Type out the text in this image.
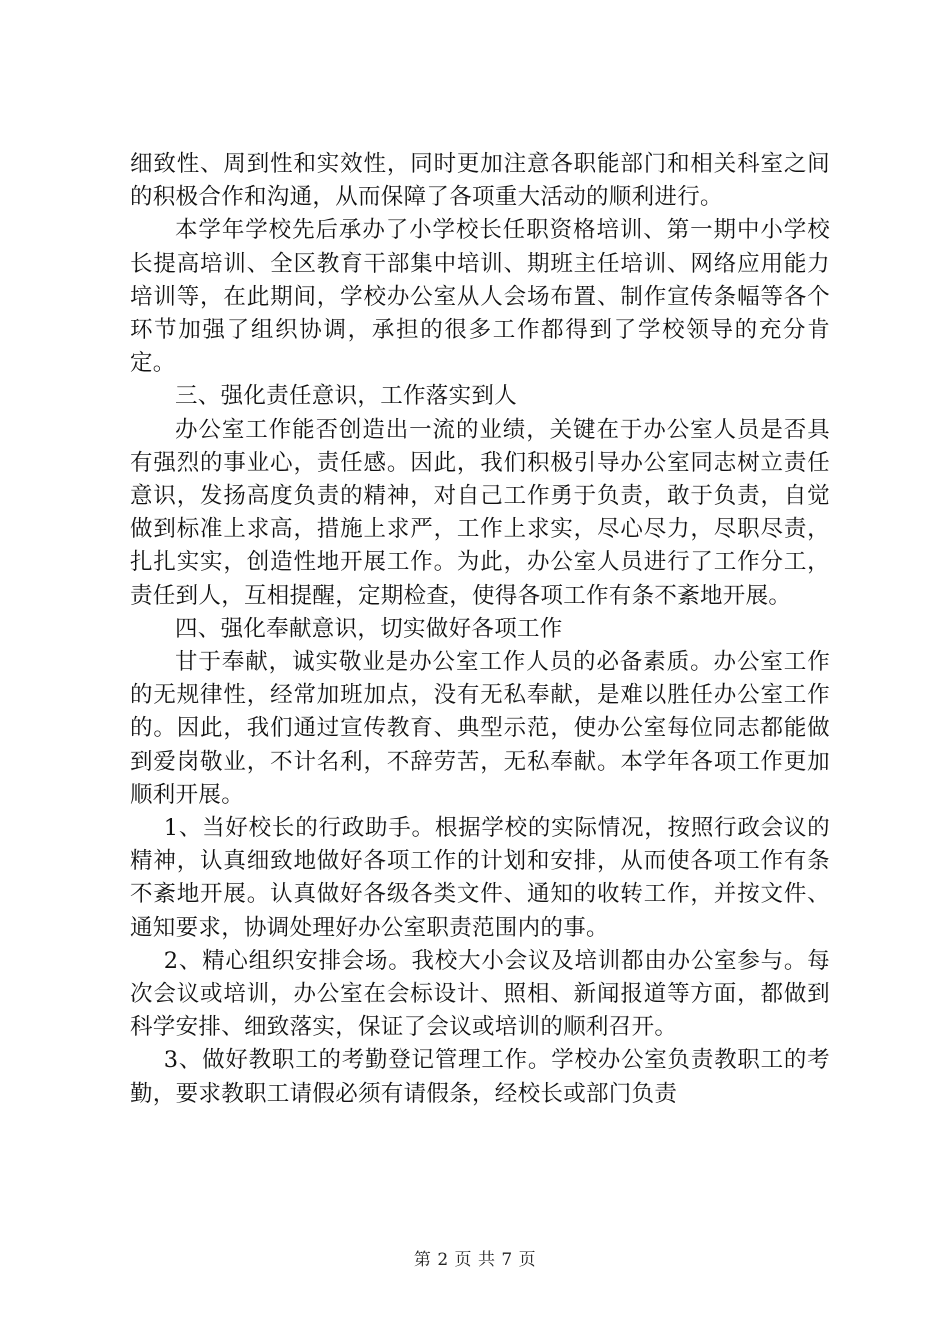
细致性、周到性和实效性，同时更加注意各职能部门和相关科室之间的积极合作和沟通，从而保障了各项重大活动的顺利进行。

本学年学校先后承办了小学校长任职资格培训、第一期中小学校长提高培训、全区教育干部集中培训、期班主任培训、网络应用能力培训等，在此期间，学校办公室从人会场布置、制作宣传条幅等各个环节加强了组织协调，承担的很多工作都得到了学校领导的充分肯定。

三、强化责任意识，工作落实到人

办公室工作能否创造出一流的业绩，关键在于办公室人员是否具有强烈的事业心，责任感。因此，我们积极引导办公室同志树立责任意识，发扬高度负责的精神，对自己工作勇于负责，敢于负责，自觉做到标准上求高，措施上求严，工作上求实，尽心尽力，尽职尽责，扎扎实实，创造性地开展工作。为此，办公室人员进行了工作分工，责任到人，互相提醒，定期检查，使得各项工作有条不紊地开展。

四、强化奉献意识，切实做好各项工作

甘于奉献，诚实敬业是办公室工作人员的必备素质。办公室工作的无规律性，经常加班加点，没有无私奉献，是难以胜任办公室工作的。因此，我们通过宣传教育、典型示范，使办公室每位同志都能做到爱岗敬业，不计名利，不辞劳苦，无私奉献。本学年各项工作更加顺利开展。

1、当好校长的行政助手。根据学校的实际情况，按照行政会议的精神，认真细致地做好各项工作的计划和安排，从而使各项工作有条不紊地开展。认真做好各级各类文件、通知的收转工作，并按文件、通知要求，协调处理好办公室职责范围内的事。

2、精心组织安排会场。我校大小会议及培训都由办公室参与。每次会议或培训，办公室在会标设计、照相、新闻报道等方面，都做到科学安排、细致落实，保证了会议或培训的顺利召开。

3、做好教职工的考勤登记管理工作。学校办公室负责教职工的考勤，要求教职工请假必须有请假条，经校长或部门负责

第 2 页 共 7 页
